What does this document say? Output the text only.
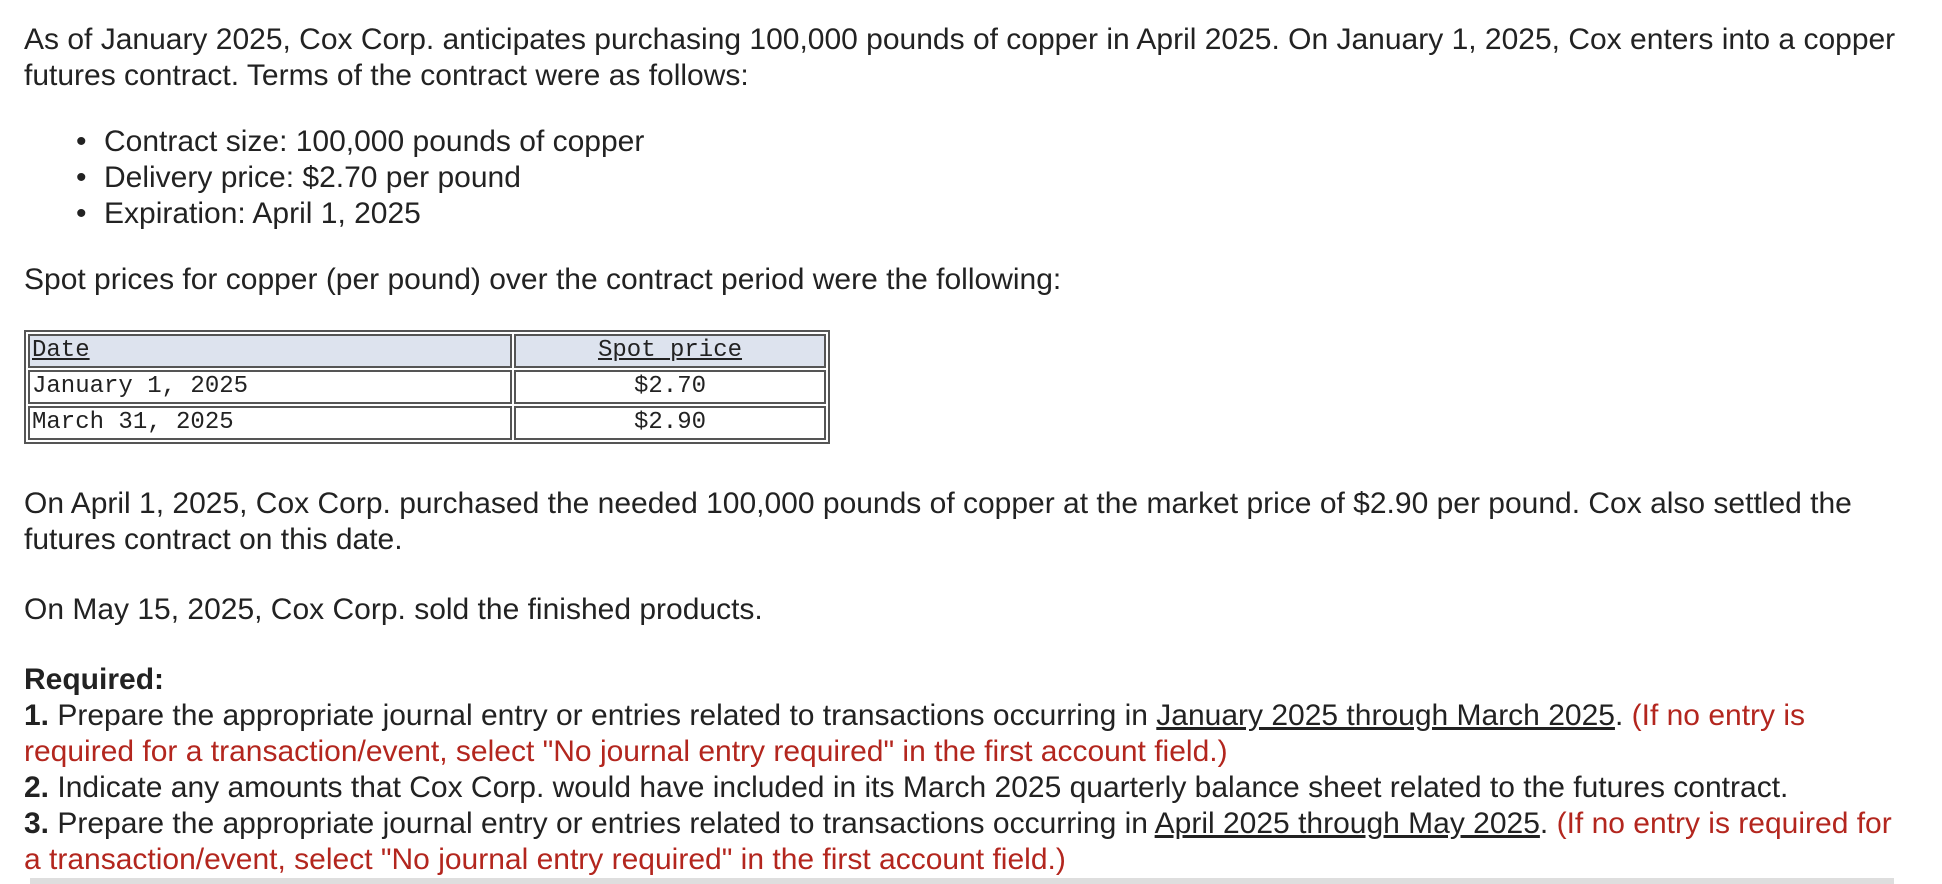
As of January 2025, Cox Corp. anticipates purchasing 100,000 pounds of copper in April 2025. On January 1, 2025, Cox enters into a copper futures contract. Terms of the contract were as follows:

• Contract size: 100,000 pounds of copper
• Delivery price: $2.70 per pound
• Expiration: April 1, 2025

Spot prices for copper (per pound) over the contract period were the following:

Date	Spot price
January 1, 2025	$2.70
March 31, 2025	$2.90

On April 1, 2025, Cox Corp. purchased the needed 100,000 pounds of copper at the market price of $2.90 per pound. Cox also settled the futures contract on this date.

On May 15, 2025, Cox Corp. sold the finished products.

Required:

1. Prepare the appropriate journal entry or entries related to transactions occurring in January 2025 through March 2025. (If no entry is required for a transaction/event, select "No journal entry required" in the first account field.)

2. Indicate any amounts that Cox Corp. would have included in its March 2025 quarterly balance sheet related to the futures contract.

3. Prepare the appropriate journal entry or entries related to transactions occurring in April 2025 through May 2025. (If no entry is required for a transaction/event, select "No journal entry required" in the first account field.)
